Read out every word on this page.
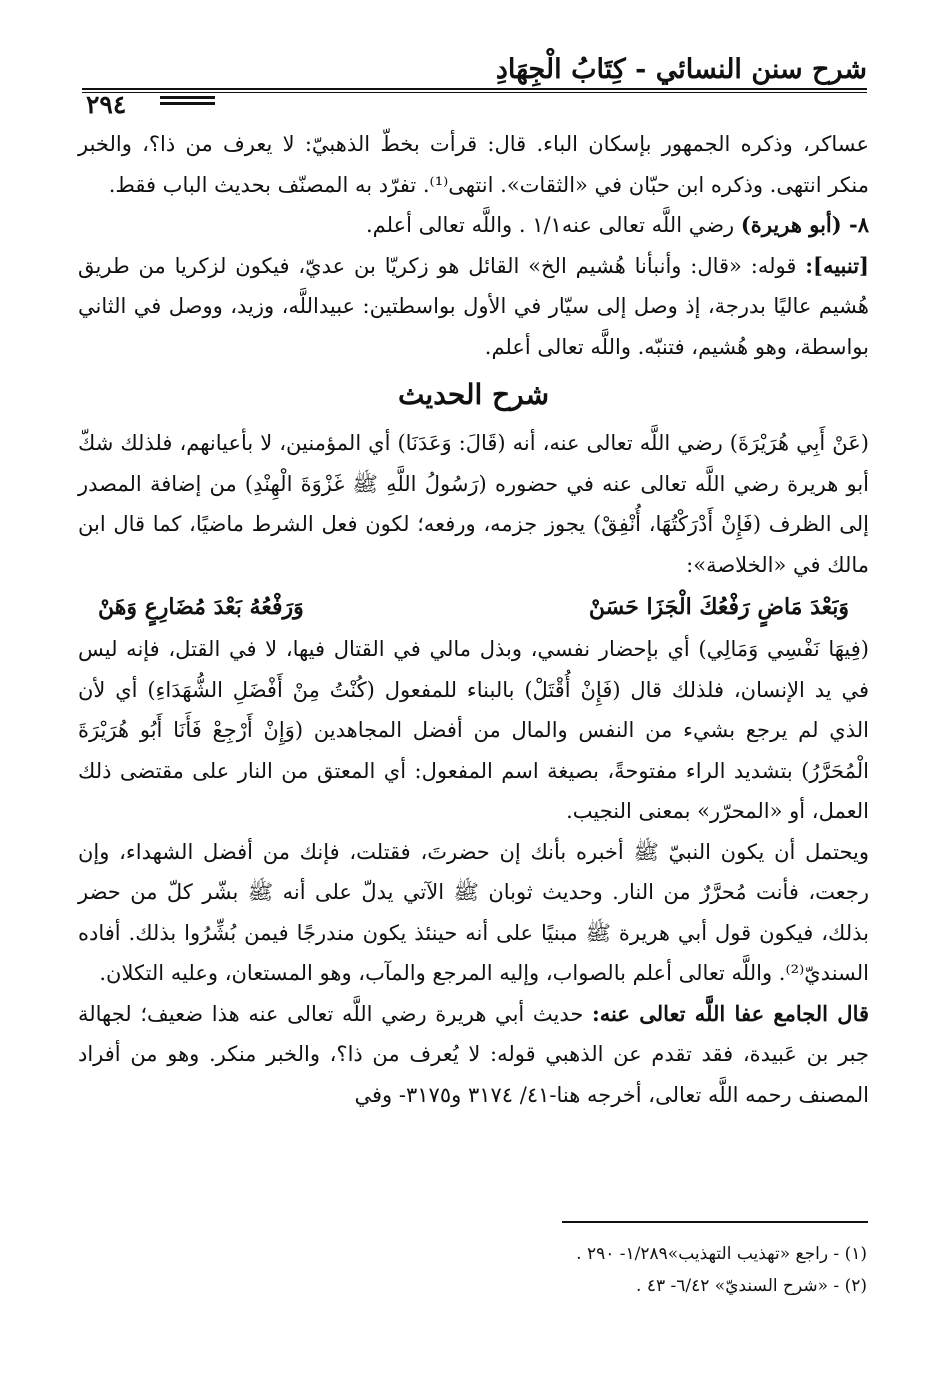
شرح سنن النسائي - كِتَابُ الْجِهَادِ
٢٩٤

عساكر، وذكره الجمهور بإسكان الباء. قال: قرأت بخطّ الذهبيّ: لا يعرف من ذا؟، والخبر منكر انتهى. وذكره ابن حبّان في «الثقات». انتهى⁽¹⁾. تفرّد به المصنّف بحديث الباب فقط.

٨- (أبو هريرة) رضي اللَّه تعالى عنه١/١ . واللَّه تعالى أعلم.

[تنبيه]: قوله: «قال: وأنبأنا هُشيم الخ» القائل هو زكريّا بن عديّ، فيكون لزكريا من طريق هُشيم عاليًا بدرجة، إذ وصل إلى سيّار في الأول بواسطتين: عبيداللَّه، وزيد، ووصل في الثاني بواسطة، وهو هُشيم، فتنبّه. واللَّه تعالى أعلم.

شرح الحديث

(عَنْ أَبِي هُرَيْرَةَ) رضي اللَّه تعالى عنه، أنه (قَالَ: وَعَدَنَا) أي المؤمنين، لا بأعيانهم، فلذلك شكّ أبو هريرة رضي اللَّه تعالى عنه في حضوره (رَسُولُ اللَّهِ ﷺ غَزْوَةَ الْهِنْدِ) من إضافة المصدر إلى الظرف (فَإِنْ أَدْرَكْتُهَا، أُنْفِقْ) يجوز جزمه، ورفعه؛ لكون فعل الشرط ماضيًا، كما قال ابن مالك في «الخلاصة»:

وَبَعْدَ مَاضٍ رَفْعُكَ الْجَزَا حَسَنْ
وَرَفْعُهُ بَعْدَ مُضَارِعٍ وَهَنْ

(فِيهَا نَفْسِي وَمَالِي) أي بإحضار نفسي، وبذل مالي في القتال فيها، لا في القتل، فإنه ليس في يد الإنسان، فلذلك قال (فَإِنْ أُقْتَلْ) بالبناء للمفعول (كُنْتُ مِنْ أَفْضَلِ الشُّهَدَاءِ) أي لأن الذي لم يرجع بشيء من النفس والمال من أفضل المجاهدين (وَإِنْ أَرْجِعْ فَأَنَا أَبُو هُرَيْرَةَ الْمُحَرَّرُ) بتشديد الراء مفتوحةً، بصيغة اسم المفعول: أي المعتق من النار على مقتضى ذلك العمل، أو «المحرّر» بمعنى النجيب.

ويحتمل أن يكون النبيّ ﷺ أخبره بأنك إن حضرتَ، فقتلت، فإنك من أفضل الشهداء، وإن رجعت، فأنت مُحرَّرٌ من النار. وحديث ثوبان ﷺ الآتي يدلّ على أنه ﷺ بشّر كلّ من حضر بذلك، فيكون قول أبي هريرة ﷺ مبنيًا على أنه حينئذ يكون مندرجًا فيمن بُشِّرُوا بذلك. أفاده السنديّ⁽²⁾. واللَّه تعالى أعلم بالصواب، وإليه المرجع والمآب، وهو المستعان، وعليه التكلان.

قال الجامع عفا اللَّه تعالى عنه: حديث أبي هريرة رضي اللَّه تعالى عنه هذا ضعيف؛ لجهالة جبر بن عَبيدة، فقد تقدم عن الذهبي قوله: لا يُعرف من ذا؟، والخبر منكر. وهو من أفراد المصنف رحمه اللَّه تعالى، أخرجه هنا-٤١/ ٣١٧٤ و٣١٧٥- وفي

(١) - راجع «تهذيب التهذيب»١/٢٨٩- ٢٩٠ .
(٢) - «شرح السنديّ» ٦/٤٢- ٤٣ .
